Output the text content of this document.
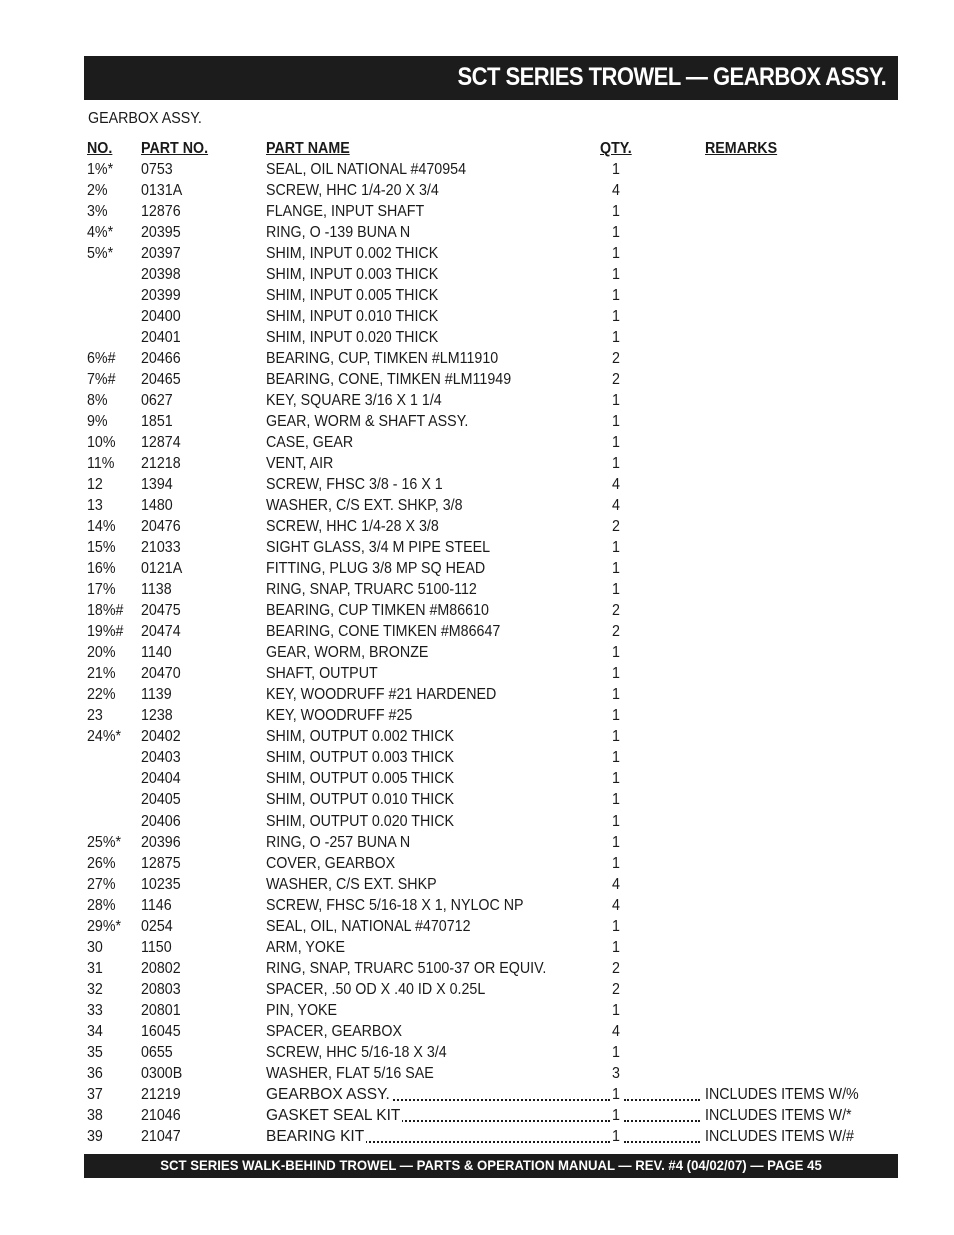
SCT SERIES TROWEL — GEARBOX ASSY.
GEARBOX ASSY.
NO. PART NO.	PART NAME	QTY.	REMARKS
1%* 0753	SEAL, OIL NATIONAL #470954	1
2% 0131A	SCREW, HHC 1/4-20 X 3/4	4
3% 12876	FLANGE, INPUT SHAFT	1
4%* 20395	RING, O -139 BUNA N	1
5%* 20397	SHIM, INPUT 0.002 THICK	1
20398	SHIM, INPUT 0.003 THICK	1
20399	SHIM, INPUT 0.005 THICK	1
20400	SHIM, INPUT 0.010 THICK	1
20401	SHIM, INPUT 0.020 THICK	1
6%# 20466	BEARING, CUP, TIMKEN #LM11910	2
7%# 20465	BEARING, CONE, TIMKEN #LM11949	2
8% 0627	KEY, SQUARE 3/16 X 1 1/4	1
9% 1851	GEAR, WORM & SHAFT ASSY.	1
10% 12874	CASE, GEAR	1
11% 21218	VENT, AIR	1
12 1394	SCREW, FHSC 3/8 - 16 X 1	4
13 1480	WASHER, C/S EXT. SHKP, 3/8	4
14% 20476	SCREW, HHC 1/4-28 X 3/8	2
15% 21033	SIGHT GLASS, 3/4 M PIPE STEEL	1
16% 0121A	FITTING, PLUG 3/8 MP SQ HEAD	1
17% 1138	RING, SNAP, TRUARC 5100-112	1
18%# 20475	BEARING, CUP TIMKEN #M86610	2
19%# 20474	BEARING, CONE TIMKEN #M86647	2
20% 1140	GEAR, WORM, BRONZE	1
21% 20470	SHAFT, OUTPUT	1
22% 1139	KEY, WOODRUFF #21 HARDENED	1
23 1238	KEY, WOODRUFF #25	1
24%* 20402	SHIM, OUTPUT 0.002 THICK	1
20403	SHIM, OUTPUT 0.003 THICK	1
20404	SHIM, OUTPUT 0.005 THICK	1
20405	SHIM, OUTPUT 0.010 THICK	1
20406	SHIM, OUTPUT 0.020 THICK	1
25%* 20396	RING, O -257 BUNA N	1
26% 12875	COVER, GEARBOX	1
27% 10235	WASHER, C/S EXT. SHKP	4
28% 1146	SCREW, FHSC 5/16-18 X 1, NYLOC NP	4
29%* 0254	SEAL, OIL, NATIONAL #470712	1
30 1150	ARM, YOKE	1
31 20802	RING, SNAP, TRUARC 5100-37 OR EQUIV.	2
32 20803	SPACER, .50 OD X .40 ID X 0.25L	2
33 20801	PIN, YOKE	1
34 16045	SPACER, GEARBOX	4
35 0655	SCREW, HHC 5/16-18 X 3/4	1
36 0300B	WASHER, FLAT 5/16 SAE	3
37 21219	GEARBOX ASSY.	1	INCLUDES ITEMS W/%
38 21046	GASKET SEAL KIT	1	INCLUDES ITEMS W/*
39 21047	BEARING KIT	1	INCLUDES ITEMS W/#
SCT SERIES WALK-BEHIND TROWEL — PARTS & OPERATION MANUAL — REV. #4 (04/02/07) — PAGE 45
